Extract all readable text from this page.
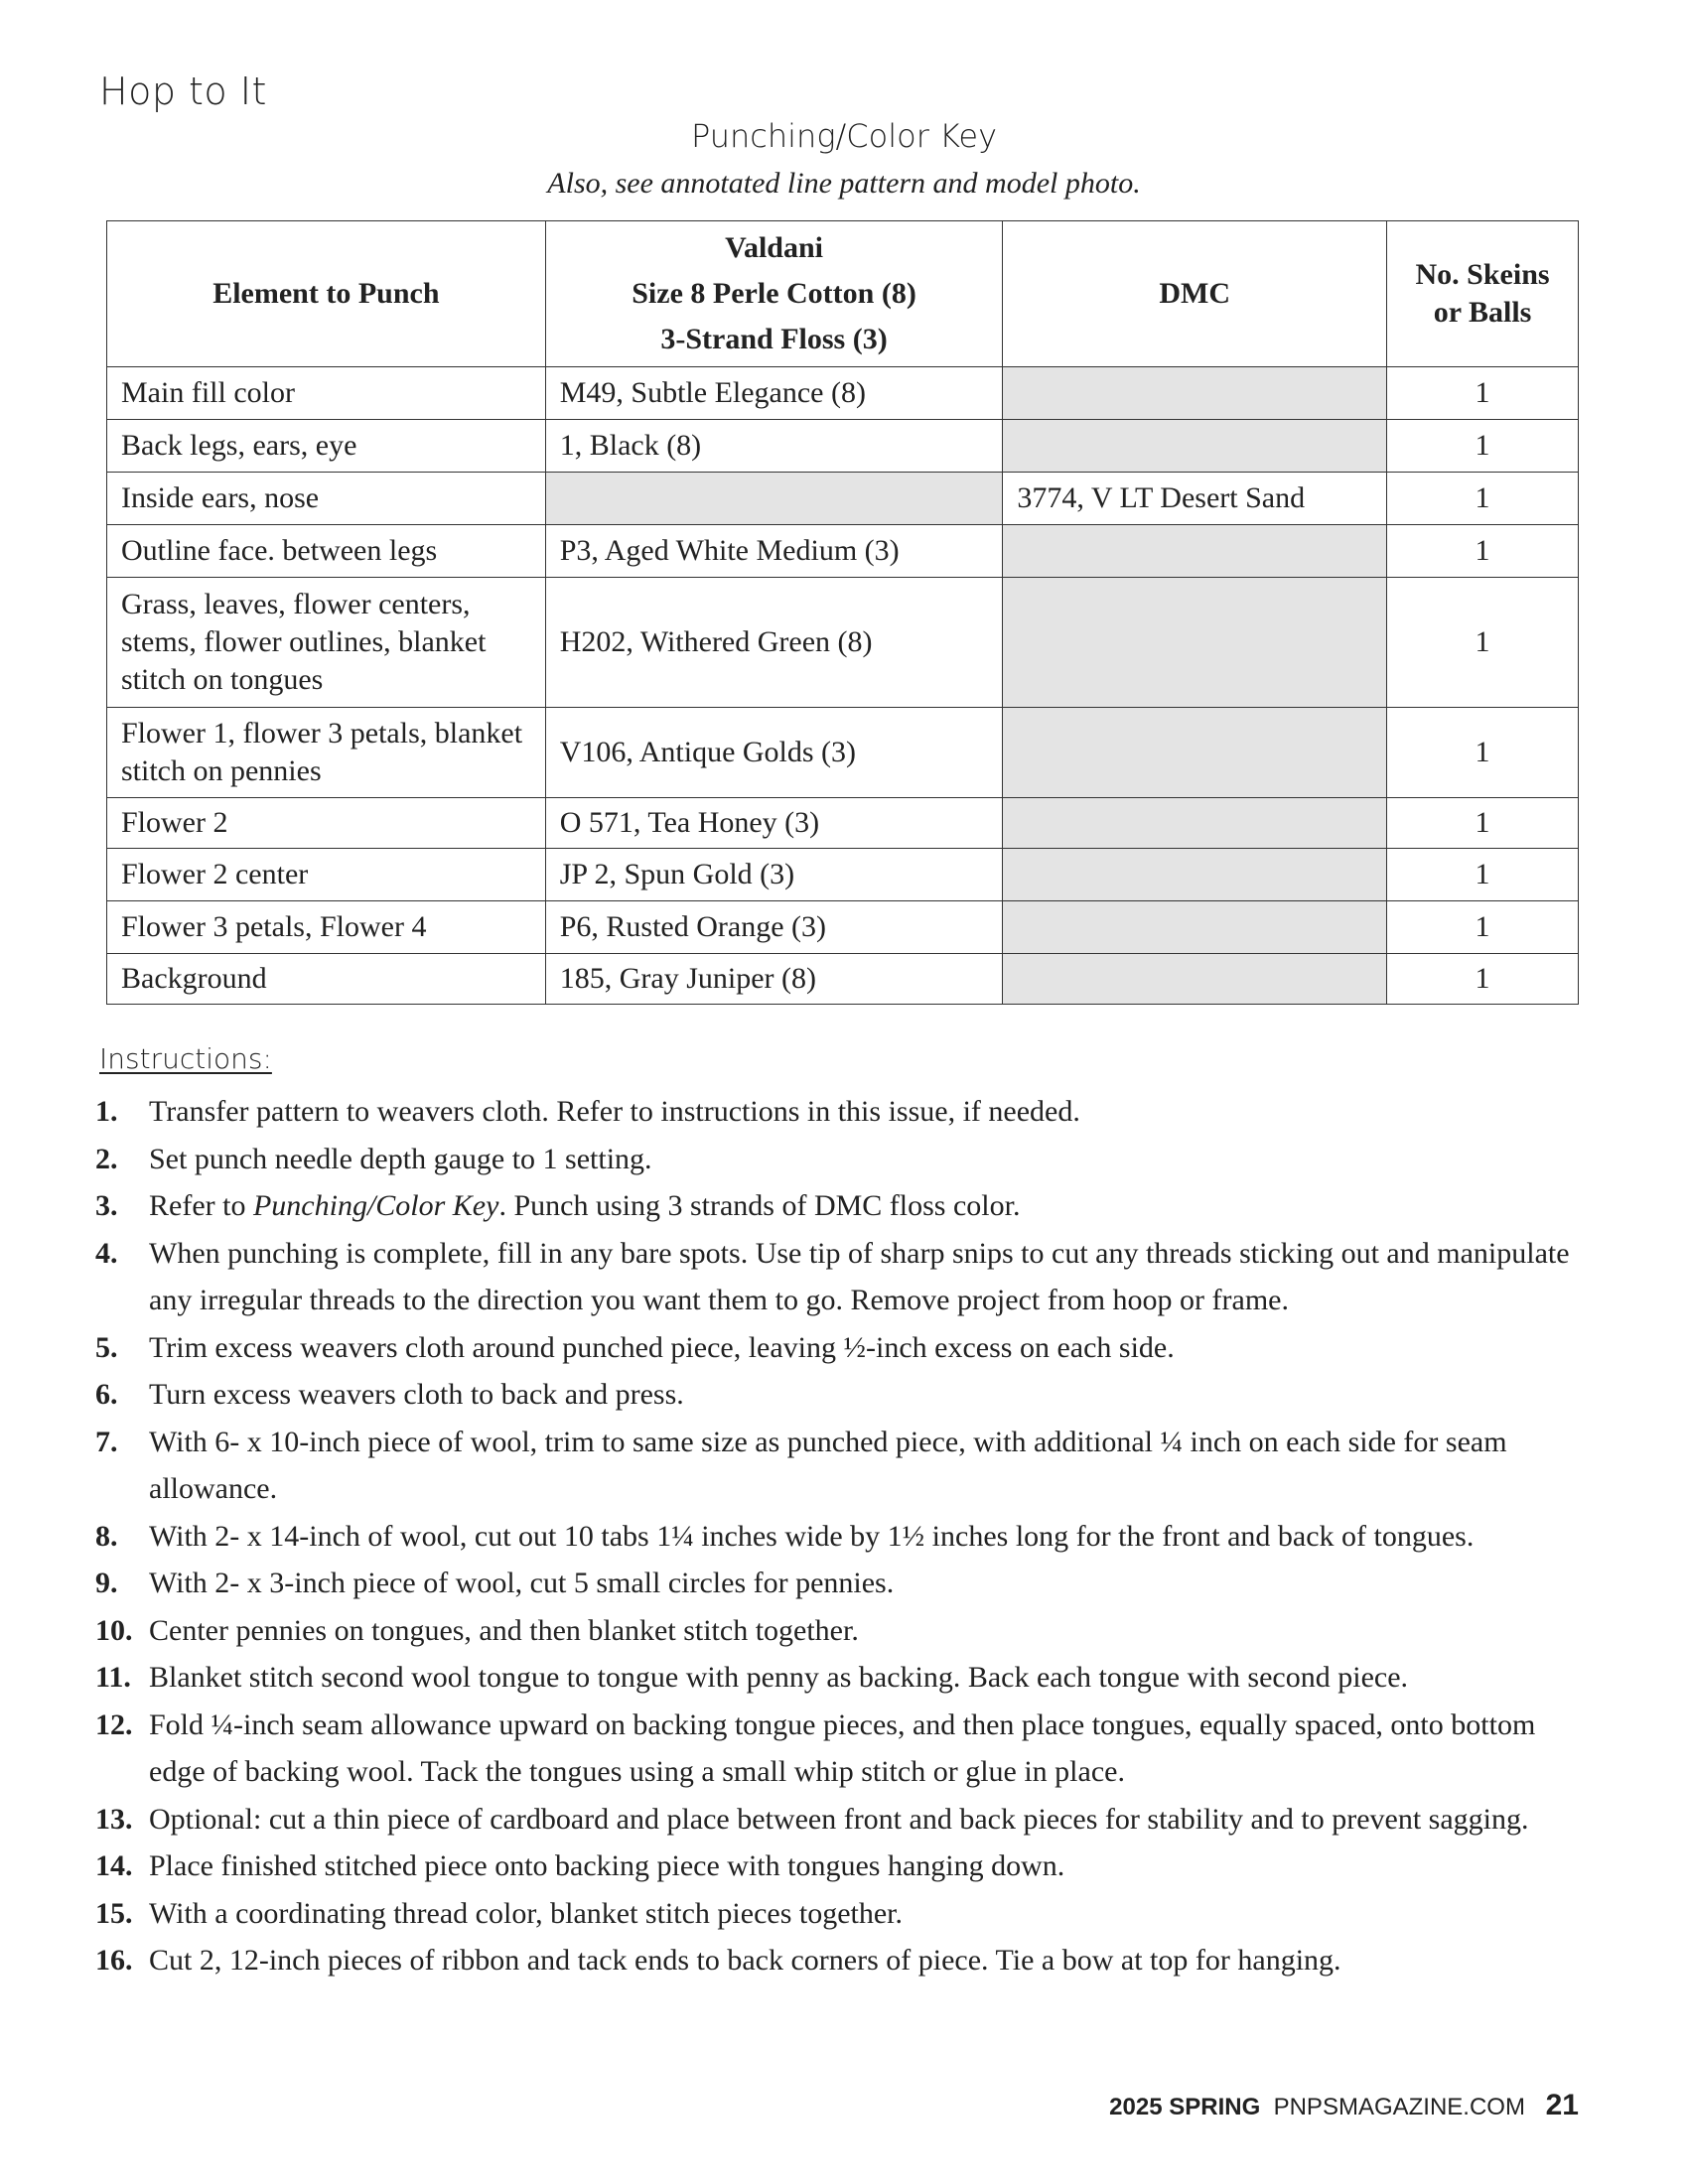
Hop to It
Punching/Color Key
Also, see annotated line pattern and model photo.
Element to Punch	Valdani
Size 8 Perle Cotton (8)
3-Strand Floss (3)	DMC	No. Skeins
or Balls
Main fill color	M49, Subtle Elegance (8)		1
Back legs, ears, eye	1, Black (8)		1
Inside ears, nose		3774, V LT Desert Sand	1
Outline face. between legs	P3, Aged White Medium (3)		1
Grass, leaves, flower centers, stems, flower outlines, blanket stitch on tongues	H202, Withered Green (8)		1
Flower 1, flower 3 petals, blanket stitch on pennies	V106, Antique Golds (3)		1
Flower 2	O 571, Tea Honey (3)		1
Flower 2 center	JP 2, Spun Gold (3)		1
Flower 3 petals, Flower 4	P6, Rusted Orange (3)		1
Background	185, Gray Juniper (8)		1
Instructions:
1.	Transfer pattern to weavers cloth. Refer to instructions in this issue, if needed.
2.	Set punch needle depth gauge to 1 setting.
3.	Refer to Punching/Color Key. Punch using 3 strands of DMC floss color.
4.	When punching is complete, fill in any bare spots. Use tip of sharp snips to cut any threads sticking out and manipulate any irregular threads to the direction you want them to go. Remove project from hoop or frame.
5.	Trim excess weavers cloth around punched piece, leaving ½-inch excess on each side.
6.	Turn excess weavers cloth to back and press.
7.	With 6- x 10-inch piece of wool, trim to same size as punched piece, with additional ¼ inch on each side for seam allowance.
8.	With 2- x 14-inch of wool, cut out 10 tabs 1¼ inches wide by 1½ inches long for the front and back of tongues.
9.	With 2- x 3-inch piece of wool, cut 5 small circles for pennies.
10. Center pennies on tongues, and then blanket stitch together.
11. Blanket stitch second wool tongue to tongue with penny as backing. Back each tongue with second piece.
12. Fold ¼-inch seam allowance upward on backing tongue pieces, and then place tongues, equally spaced, onto bottom edge of backing wool. Tack the tongues using a small whip stitch or glue in place.
13. Optional: cut a thin piece of cardboard and place between front and back pieces for stability and to prevent sagging.
14. Place finished stitched piece onto backing piece with tongues hanging down.
15. With a coordinating thread color, blanket stitch pieces together.
16. Cut 2, 12-inch pieces of ribbon and tack ends to back corners of piece. Tie a bow at top for hanging.
2025 SPRING PNPSMAGAZINE.COM 21
